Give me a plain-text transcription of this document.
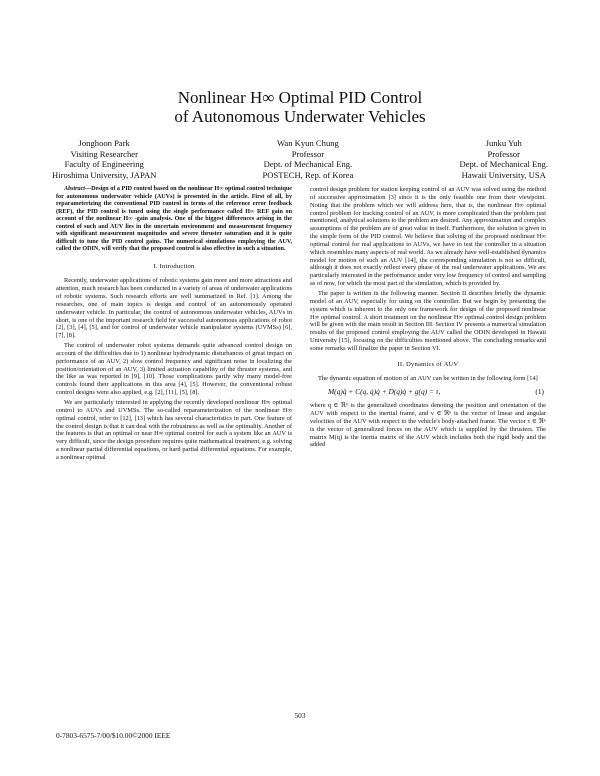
Nonlinear H∞ Optimal PID Control
of Autonomous Underwater Vehicles
Jonghoon Park
Visiting Researcher
Faculty of Engineering
Hiroshima University, JAPAN
Wan Kyun Chung
Professor
Dept. of Mechanical Eng.
POSTECH, Rep. of Korea
Junku Yuh
Professor
Dept. of Mechanical Eng.
Hawaii University, USA

Abstract—Design of a PID control based on the nonlinear H∞ optimal control technique for autonomous underwater vehicle (AUVs) is presented in the article. First of all, by reparameterizing the conventional PID control in terms of the reference error feedback (REF), the PID control is tuned using the single performance called H∞ REF gain on account of the nonlinear H∞ -gain analysis. One of the biggest differences arising in the control of such and AUV lies in the uncertain environment and measurement frequency with significant measurement magnitudes and severe thruster saturation and it is quite difficult to tune the PID control gains. The numerical simulations employing the AUV, called the ODIN, will verify that the proposed control is also effective in such a situation.

I. Introduction

Recently, underwater applications of robotic systems gain more and more attractions and attention, much research has been conducted in a variety of areas of underwater applications of robotic systems. Such research efforts are well summarized in Ref. [1]. Among the researches, one of main topics is design and control of an autonomously operated underwater vehicle. In particular, the control of autonomous underwater vehicles, AUVs in short, is one of the important research field for successful autonomous applications of robot [2], [3], [4], [5], and for control of underwater vehicle manipulator systems (UVMSs) [6], [7], [8].

The control of underwater robot systems demands quite advanced control design on account of the difficulties due to 1) nonlinear hydrodynamic disturbances of great impact on performance of an AUV, 2) slow control frequency and significant noise in localizing the position/orientation of an AUV, 3) limited actuation capability of the thruster systems, and the like as was reported in [9], [10]. Those complications partly why many model-free controls found their applications in this area [4], [5]. However, the conventional robust control designs were also applied, e.g. [2], [11], [5], [8].

We are particularly interested in applying the recently developed nonlinear H∞ optimal control to AUVs and UVMSs. The so-called reparameterization of the nonlinear H∞ optimal control, refer to [12], [13] which has several characteristics in part. One feature of the control design is that it can deal with the robustness as well as the optimality. Another of the features is that an optimal or near H∞ optimal control for such a system like an AUV is very difficult, since the design procedure requires quite mathematical treatment, e.g. solving a nonlinear partial differential equations, or hard partial differential equations. For example, a nonlinear optimal

control design problem for station keeping control of an AUV was solved using the method of successive approximation [3] since it is the only feasible one from their viewpoint. Noting that the problem which we will address here, that is, the nonlinear H∞ optimal control problem for tracking control of an AUV, is more complicated than the problem just mentioned, analytical solutions to the problem are desired. Any approximation and complex assumptions of the problem are of great value in itself. Furthermore, the solution is given in the simple form of the PID control. We believe that solving of the proposed nonlinear H∞ optimal control for real applications to AUVs, we have to test the controller in a situation which resembles many aspects of real world. As we already have well-established dynamics model for motion of such an AUV [14], the corresponding simulation is not so difficult, although it does not exactly reflect every phase of the real underwater applications. We are particularly interested in the performance under very low frequency of control and sampling as of now, for which the most part of the simulation, which is provided by.

The paper is written in the following manner. Section II describes briefly the dynamic model of an AUV, especially for using on the controller. But we begin by presenting the system which is inherent to the only one framework for design of the proposed nonlinear H∞ optimal control. A short treatment on the nonlinear H∞ optimal control design problem will be given with the main result in Section III. Section IV presents a numerical simulation results of the proposed control employing the AUV called the ODIN developed in Hawaii University [15], focusing on the difficulties mentioned above. The concluding remarks and some remarks will finalize the paper in Section VI.

II. Dynamics of AUV

The dynamic equation of motion of an AUV can be written in the following form [14]

M(q)q̈ + C(q, q̇)q̇ + D(q)q̇ + g(q) = τ,	(1)

where q ∈ ℜ⁶ is the generalized coordinates denoting the position and orientation of the AUV with respect to the inertial frame, and v ∈ ℜ⁶ is the vector of linear and angular velocities of the AUV with respect to the vehicle's body-attached frame. The vector τ ∈ ℜ⁶ is the vector of generalized forces on the AUV which is supplied by the thrusters. The matrix M(q) is the inertia matrix of the AUV which includes both the rigid body and the added

503
0-7803-6575-7/00/$10.00©2000 IEEE
